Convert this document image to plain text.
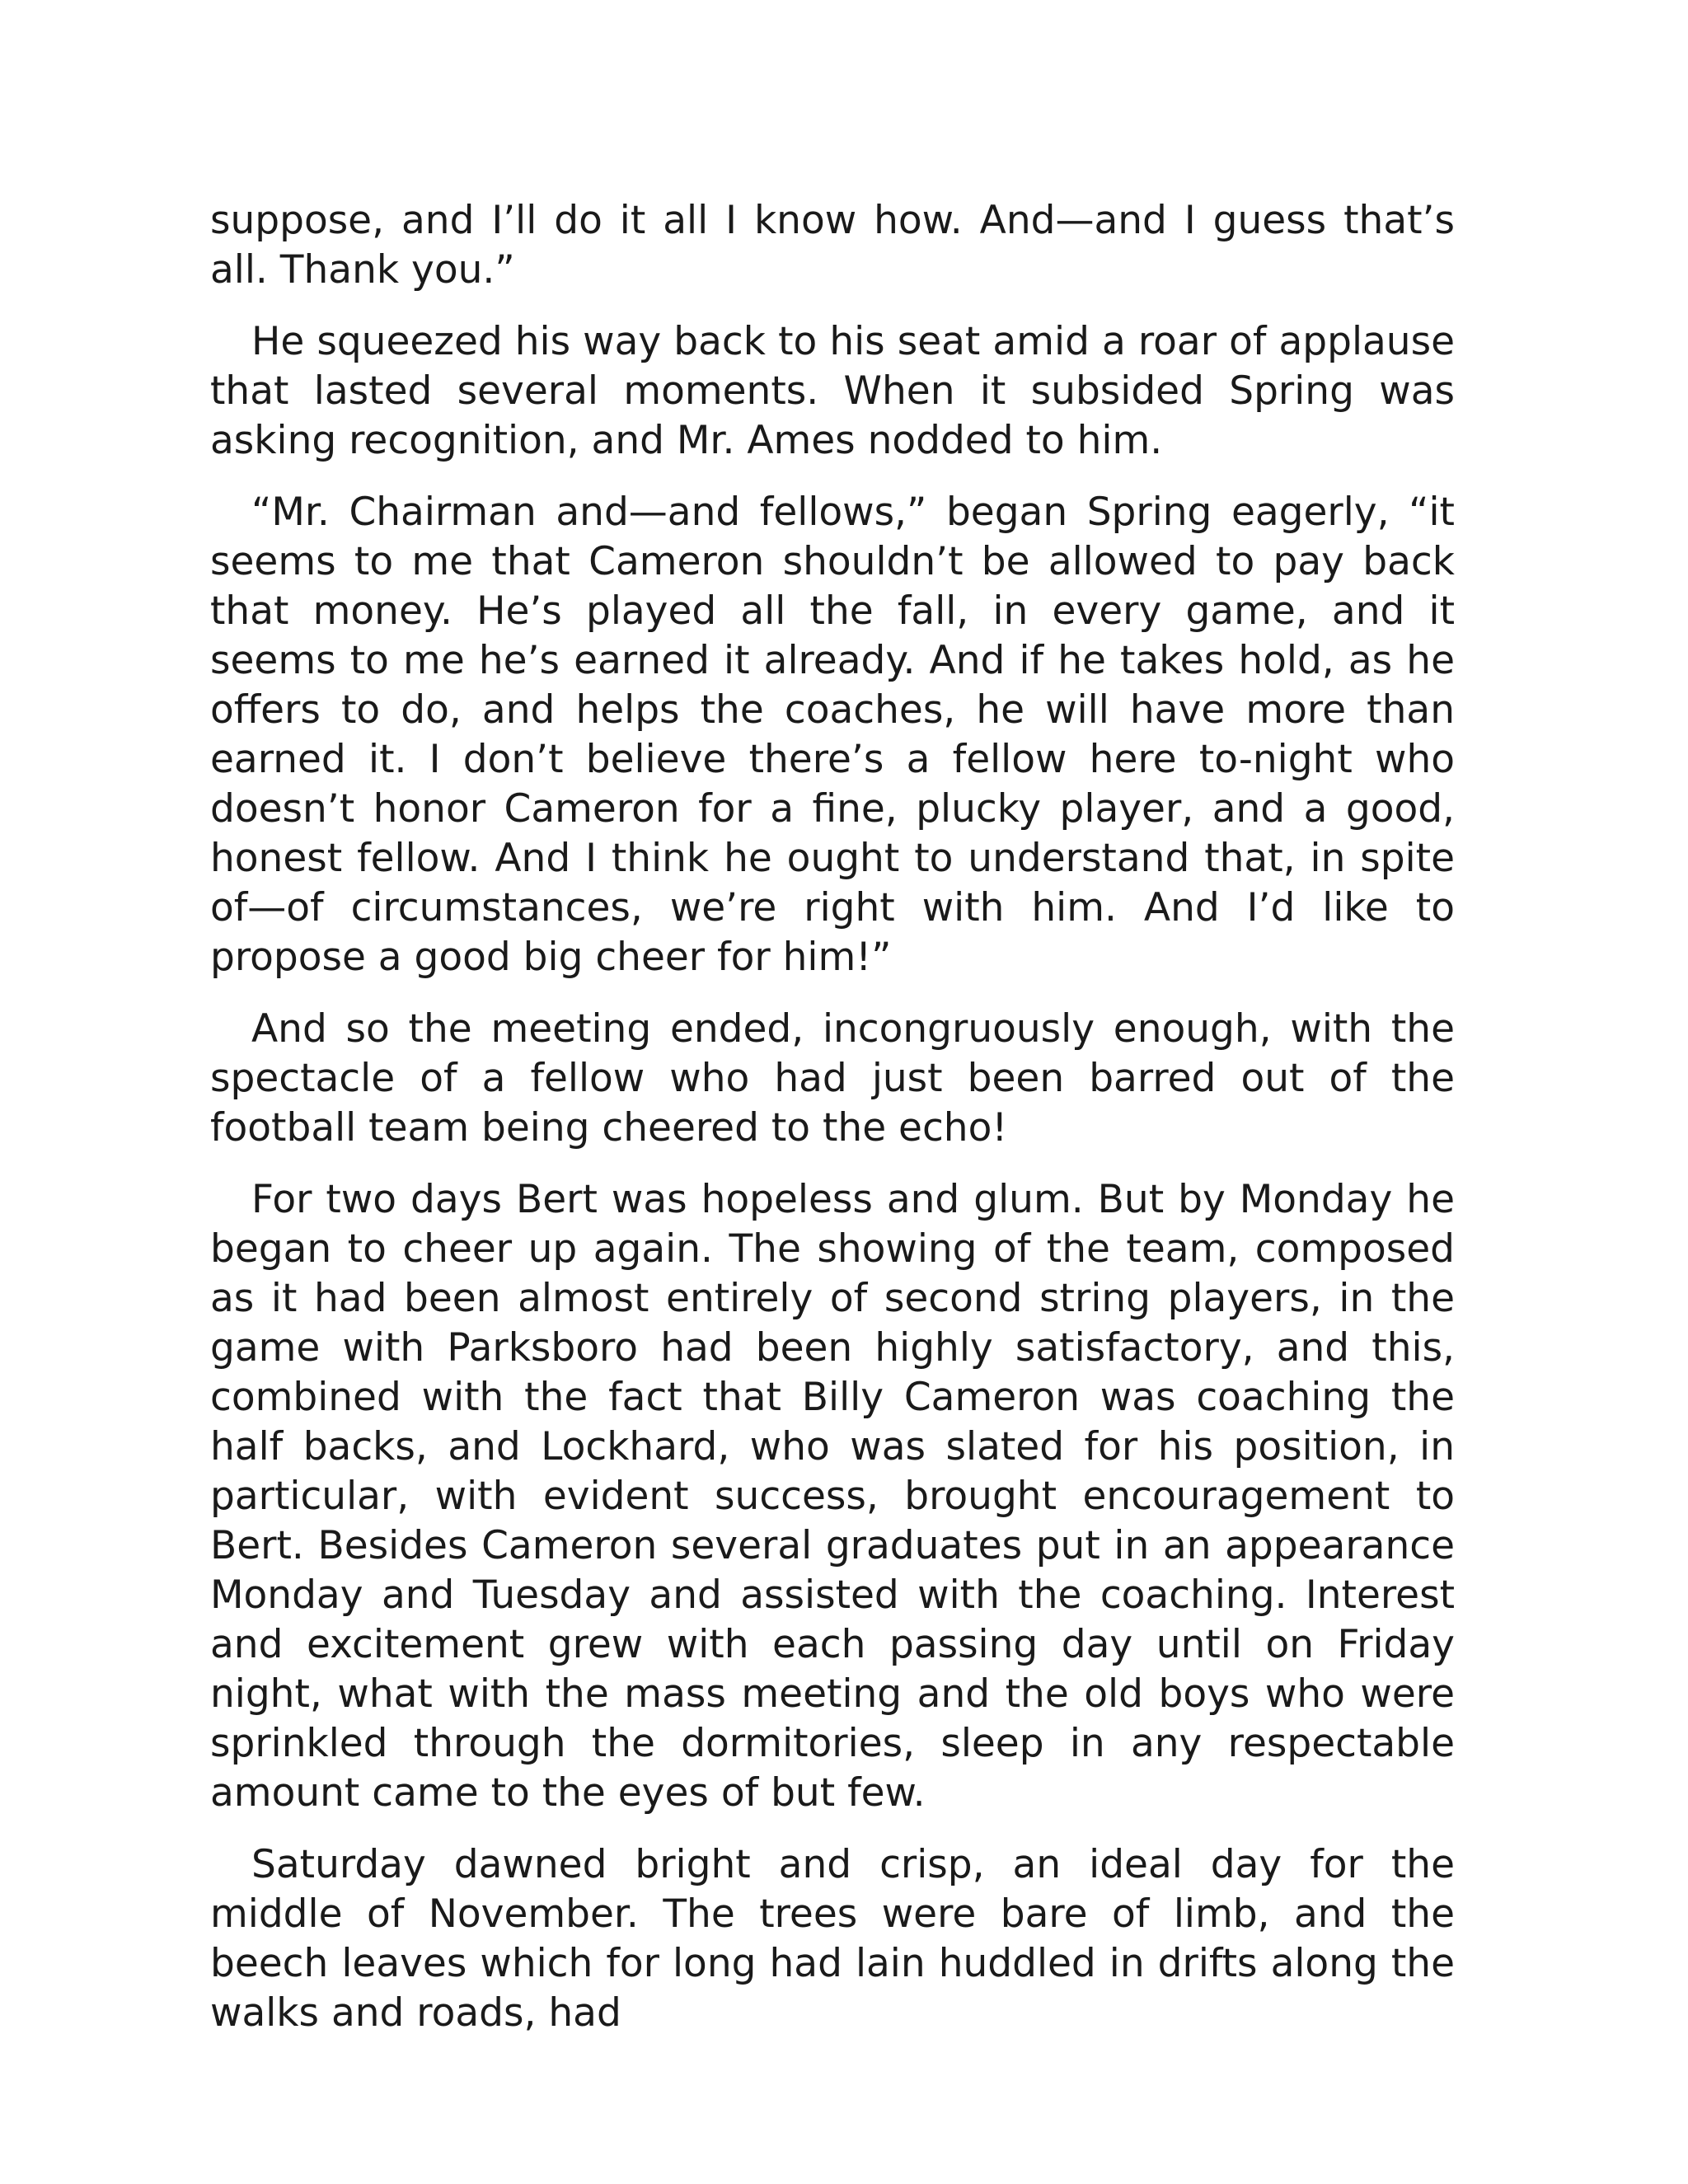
suppose, and I’ll do it all I know how. And—and I guess that’s all. Thank you.”

He squeezed his way back to his seat amid a roar of applause that lasted several moments. When it subsided Spring was asking recognition, and Mr. Ames nodded to him.

“Mr. Chairman and—and fellows,” began Spring eagerly, “it seems to me that Cameron shouldn’t be allowed to pay back that money. He’s played all the fall, in every game, and it seems to me he’s earned it already. And if he takes hold, as he offers to do, and helps the coaches, he will have more than earned it. I don’t believe there’s a fellow here to-night who doesn’t honor Cameron for a fine, plucky player, and a good, honest fellow. And I think he ought to understand that, in spite of—of circumstances, we’re right with him. And I’d like to propose a good big cheer for him!”

And so the meeting ended, incongruously enough, with the spectacle of a fellow who had just been barred out of the football team being cheered to the echo!

For two days Bert was hopeless and glum. But by Monday he began to cheer up again. The showing of the team, composed as it had been almost entirely of second string players, in the game with Parksboro had been highly satisfactory, and this, combined with the fact that Billy Cameron was coaching the half backs, and Lockhard, who was slated for his position, in particular, with evident success, brought encouragement to Bert. Besides Cameron several graduates put in an appearance Monday and Tuesday and assisted with the coaching. Interest and excitement grew with each passing day until on Friday night, what with the mass meeting and the old boys who were sprinkled through the dormitories, sleep in any respectable amount came to the eyes of but few.

Saturday dawned bright and crisp, an ideal day for the middle of November. The trees were bare of limb, and the beech leaves which for long had lain huddled in drifts along the walks and roads, had
